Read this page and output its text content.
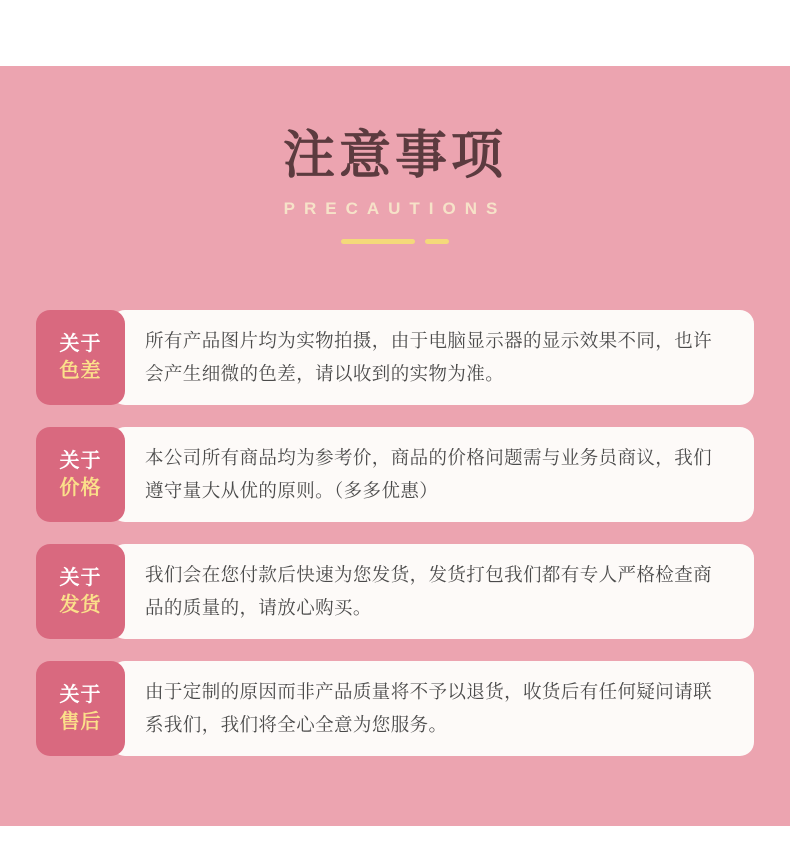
注意事项
PRECAUTIONS
关于
色差

所有产品图片均为实物拍摄，由于电脑显示器的显示效果不同，也许会产生细微的色差，请以收到的实物为准。

关于
价格

本公司所有商品均为参考价，商品的价格问题需与业务员商议，我们遵守量大从优的原则。（多多优惠）

关于
发货

我们会在您付款后快速为您发货，发货打包我们都有专人严格检查商品的质量的，请放心购买。

关于
售后

由于定制的原因而非产品质量将不予以退货，收货后有任何疑问请联系我们，我们将全心全意为您服务。
